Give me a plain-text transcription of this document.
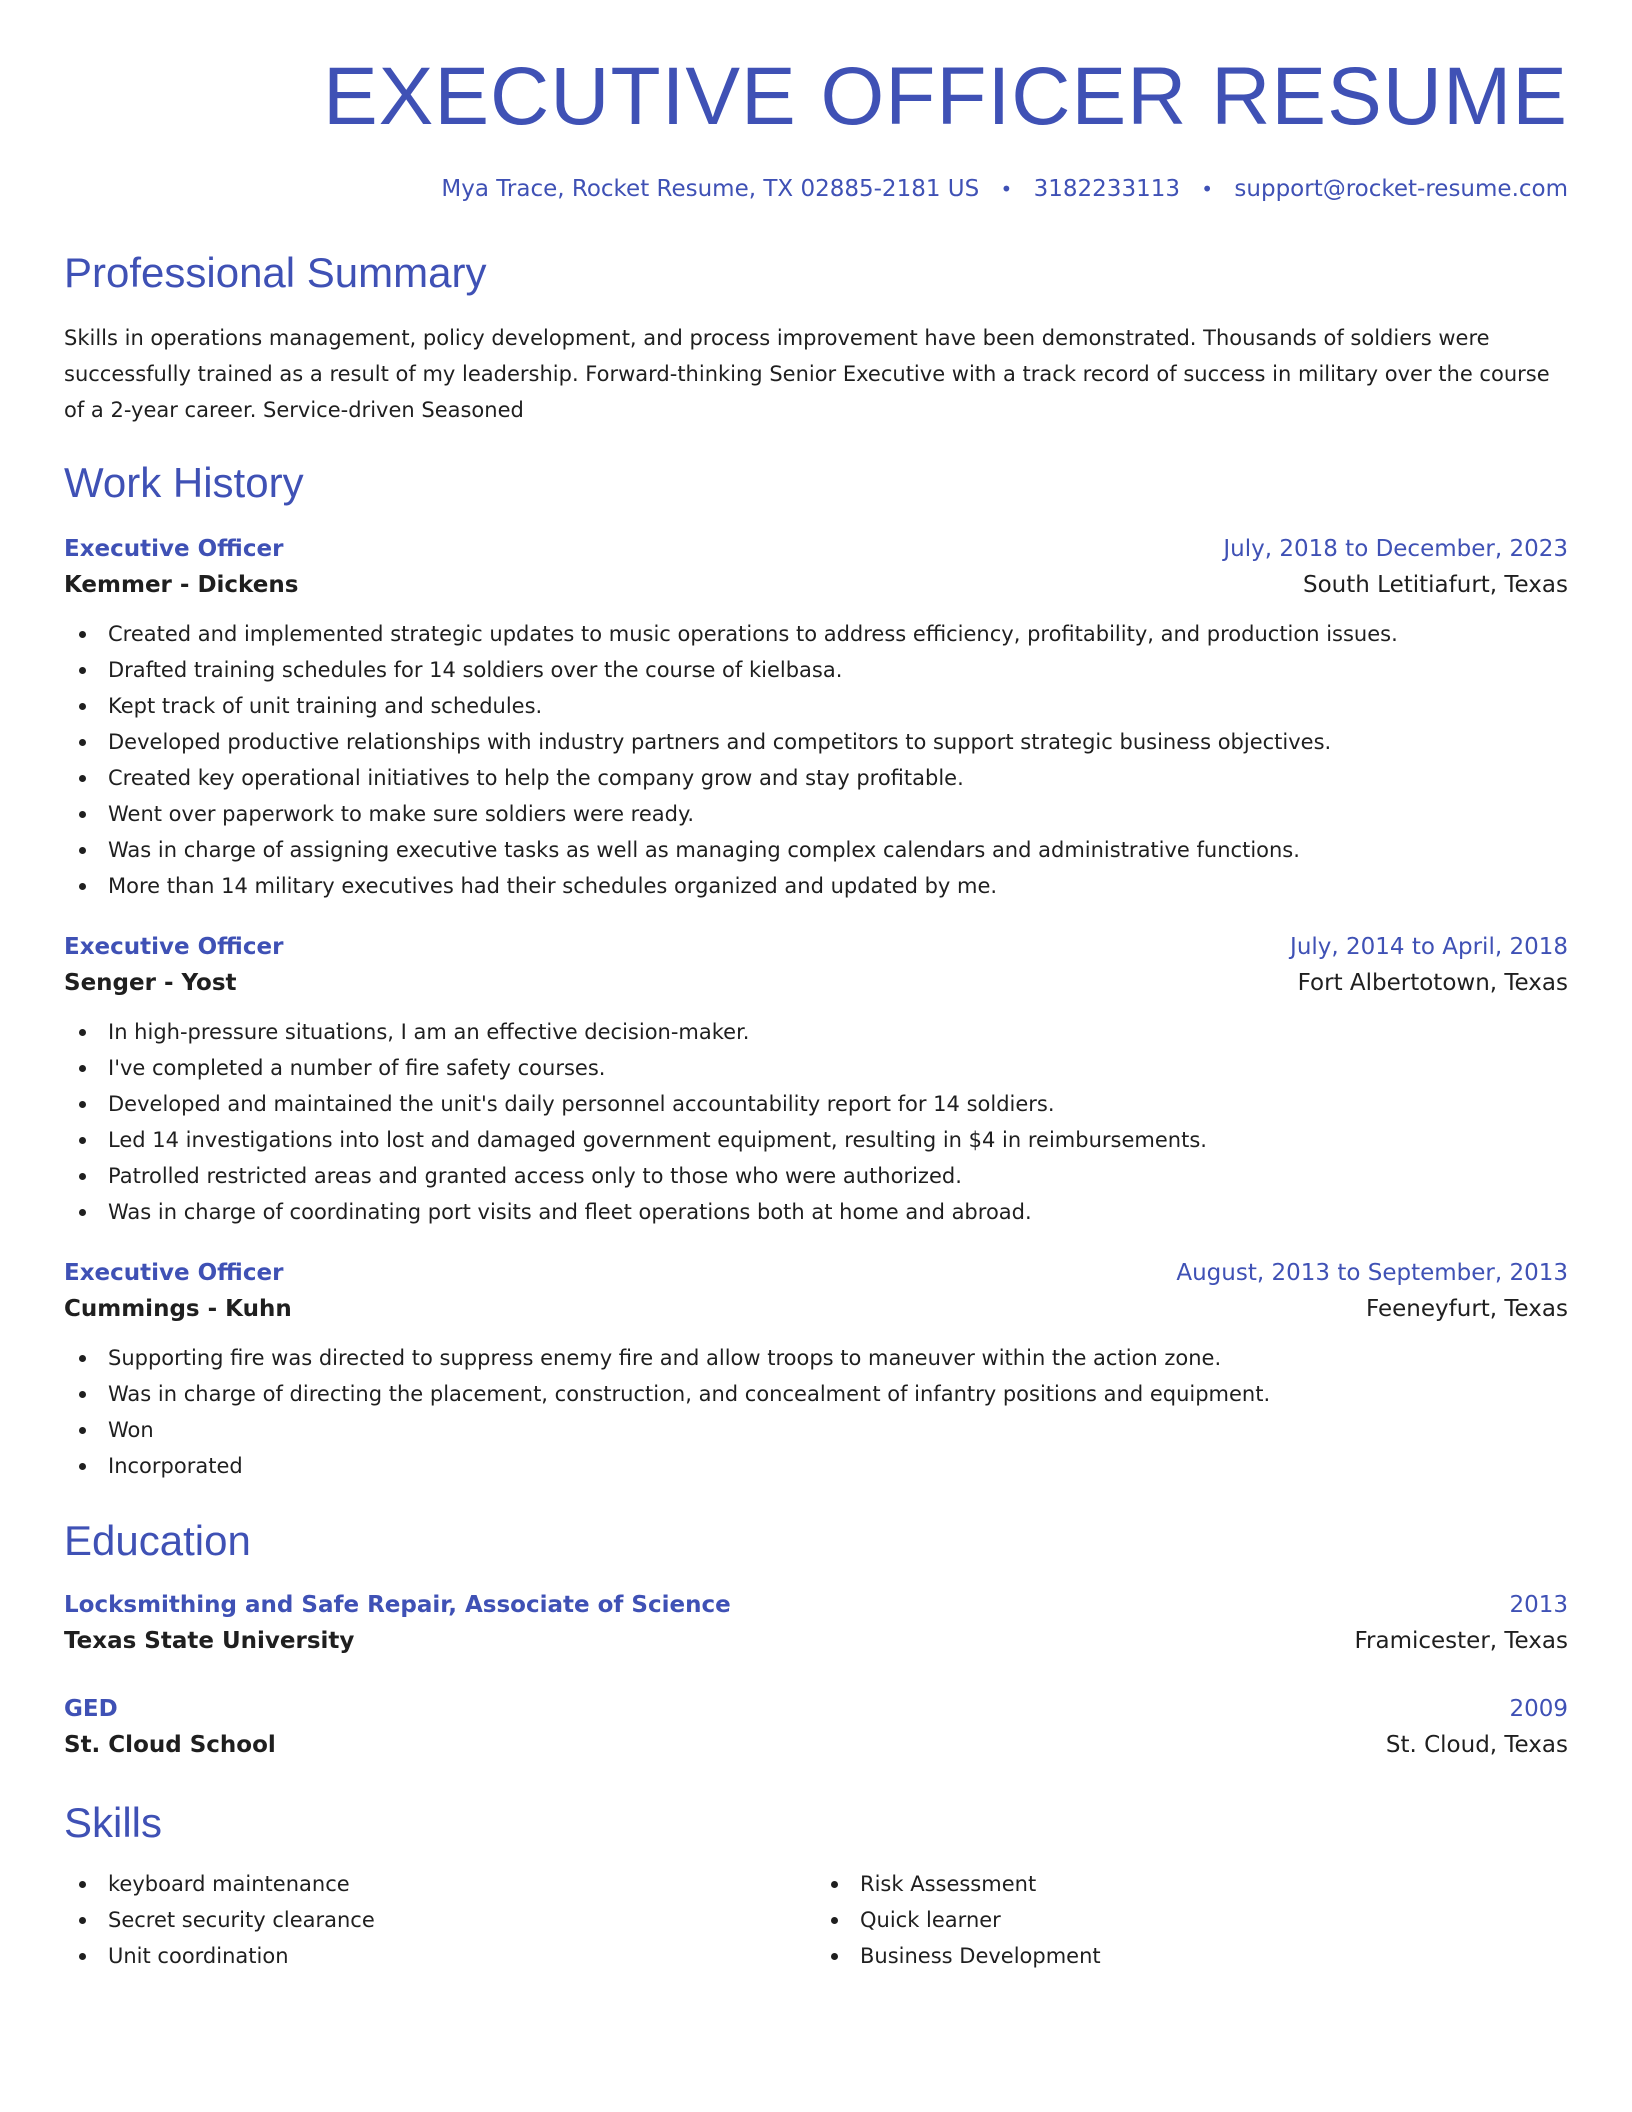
EXECUTIVE OFFICER RESUME
Mya Trace, Rocket Resume, TX 02885-2181 US • 3182233113 • support@rocket-resume.com
Professional Summary

Skills in operations management, policy development, and process improvement have been demonstrated. Thousands of soldiers were successfully trained as a result of my leadership. Forward-thinking Senior Executive with a track record of success in military over the course of a 2-year career. Service-driven Seasoned

Work History
Executive Officer	July, 2018 to December, 2023
Kemmer - Dickens	South Letitiafurt, Texas
Created and implemented strategic updates to music operations to address efficiency, profitability, and production issues.
Drafted training schedules for 14 soldiers over the course of kielbasa.
Kept track of unit training and schedules.
Developed productive relationships with industry partners and competitors to support strategic business objectives.
Created key operational initiatives to help the company grow and stay profitable.
Went over paperwork to make sure soldiers were ready.
Was in charge of assigning executive tasks as well as managing complex calendars and administrative functions.
More than 14 military executives had their schedules organized and updated by me.
Executive Officer	July, 2014 to April, 2018
Senger - Yost	Fort Albertotown, Texas
In high-pressure situations, I am an effective decision-maker.
I've completed a number of fire safety courses.
Developed and maintained the unit's daily personnel accountability report for 14 soldiers.
Led 14 investigations into lost and damaged government equipment, resulting in $4 in reimbursements.
Patrolled restricted areas and granted access only to those who were authorized.
Was in charge of coordinating port visits and fleet operations both at home and abroad.
Executive Officer	August, 2013 to September, 2013
Cummings - Kuhn	Feeneyfurt, Texas
Supporting fire was directed to suppress enemy fire and allow troops to maneuver within the action zone.
Was in charge of directing the placement, construction, and concealment of infantry positions and equipment.
Won
Incorporated
Education
Locksmithing and Safe Repair, Associate of Science	2013
Texas State University	Framicester, Texas
GED	2009
St. Cloud School	St. Cloud, Texas
Skills
keyboard maintenance
Secret security clearance
Unit coordination
Risk Assessment
Quick learner
Business Development
